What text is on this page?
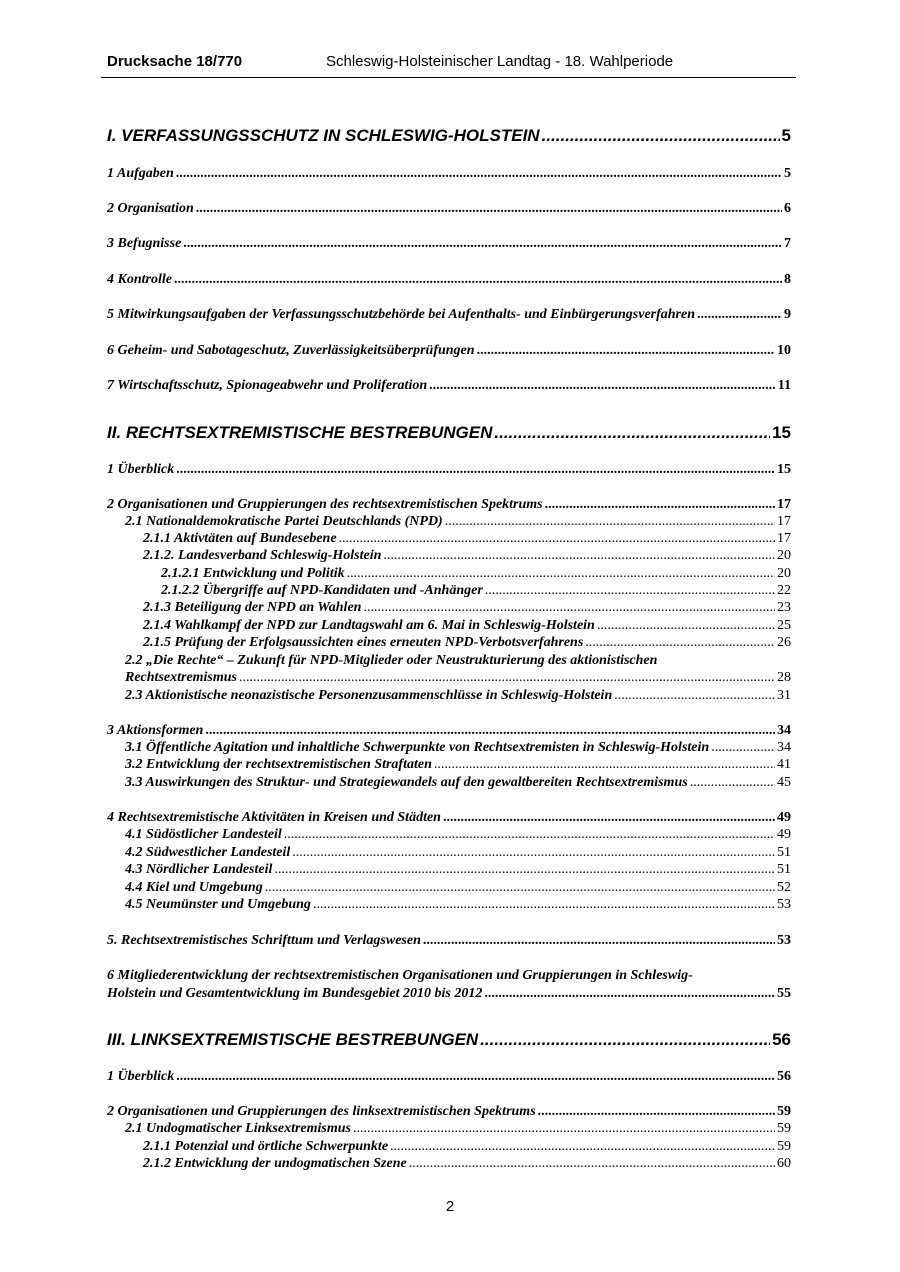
Drucksache 18/770	Schleswig-Holsteinischer Landtag - 18. Wahlperiode
I. VERFASSUNGSSCHUTZ IN SCHLESWIG-HOLSTEIN .....	5
1 Aufgaben .....	5
2 Organisation .....	6
3 Befugnisse .....	7
4 Kontrolle .....	8
5 Mitwirkungsaufgaben der Verfassungsschutzbehörde bei Aufenthalts- und Einbürgerungsverfahren .....	9
6 Geheim- und Sabotageschutz, Zuverlässigkeitsüberprüfungen .....	10
7 Wirtschaftsschutz, Spionageabwehr und Proliferation .....	11
II. RECHTSEXTREMISTISCHE BESTREBUNGEN .....	15
1 Überblick .....	15
2 Organisationen und Gruppierungen des rechtsextremistischen Spektrums .....	17
2.1 Nationaldemokratische Partei Deutschlands (NPD) .....	17
2.1.1 Aktivtäten auf Bundesebene .....	17
2.1.2. Landesverband Schleswig-Holstein .....	20
2.1.2.1 Entwicklung und Politik .....	20
2.1.2.2 Übergriffe auf NPD-Kandidaten und -Anhänger .....	22
2.1.3 Beteiligung der NPD an Wahlen .....	23
2.1.4 Wahlkampf der NPD zur Landtagswahl am 6. Mai in Schleswig-Holstein .....	25
2.1.5 Prüfung der Erfolgsaussichten eines erneuten NPD-Verbotsverfahrens .....	26
2.2 „Die Rechte“ – Zukunft für NPD-Mitglieder oder Neustrukturierung des aktionistischen
Rechtsextremismus .....	28
2.3 Aktionistische neonazistische Personenzusammenschlüsse in Schleswig-Holstein .....	31
3 Aktionsformen .....	34
3.1 Öffentliche Agitation und inhaltliche Schwerpunkte von Rechtsextremisten in Schleswig-Holstein .....	34
3.2 Entwicklung der rechtsextremistischen Straftaten .....	41
3.3 Auswirkungen des Struktur- und Strategiewandels auf den gewaltbereiten Rechtsextremismus .....	45
4 Rechtsextremistische Aktivitäten in Kreisen und Städten .....	49
4.1 Südöstlicher Landesteil .....	49
4.2 Südwestlicher Landesteil .....	51
4.3 Nördlicher Landesteil .....	51
4.4 Kiel und Umgebung .....	52
4.5 Neumünster und Umgebung .....	53
5. Rechtsextremistisches Schrifttum und Verlagswesen .....	53
6 Mitgliederentwicklung der rechtsextremistischen Organisationen und Gruppierungen in Schleswig-
Holstein und Gesamtentwicklung im Bundesgebiet 2010 bis 2012 .....	55
III. LINKSEXTREMISTISCHE BESTREBUNGEN .....	56
1 Überblick .....	56
2 Organisationen und Gruppierungen des linksextremistischen Spektrums .....	59
2.1 Undogmatischer Linksextremismus .....	59
2.1.1 Potenzial und örtliche Schwerpunkte .....	59
2.1.2 Entwicklung der undogmatischen Szene .....	60
2
